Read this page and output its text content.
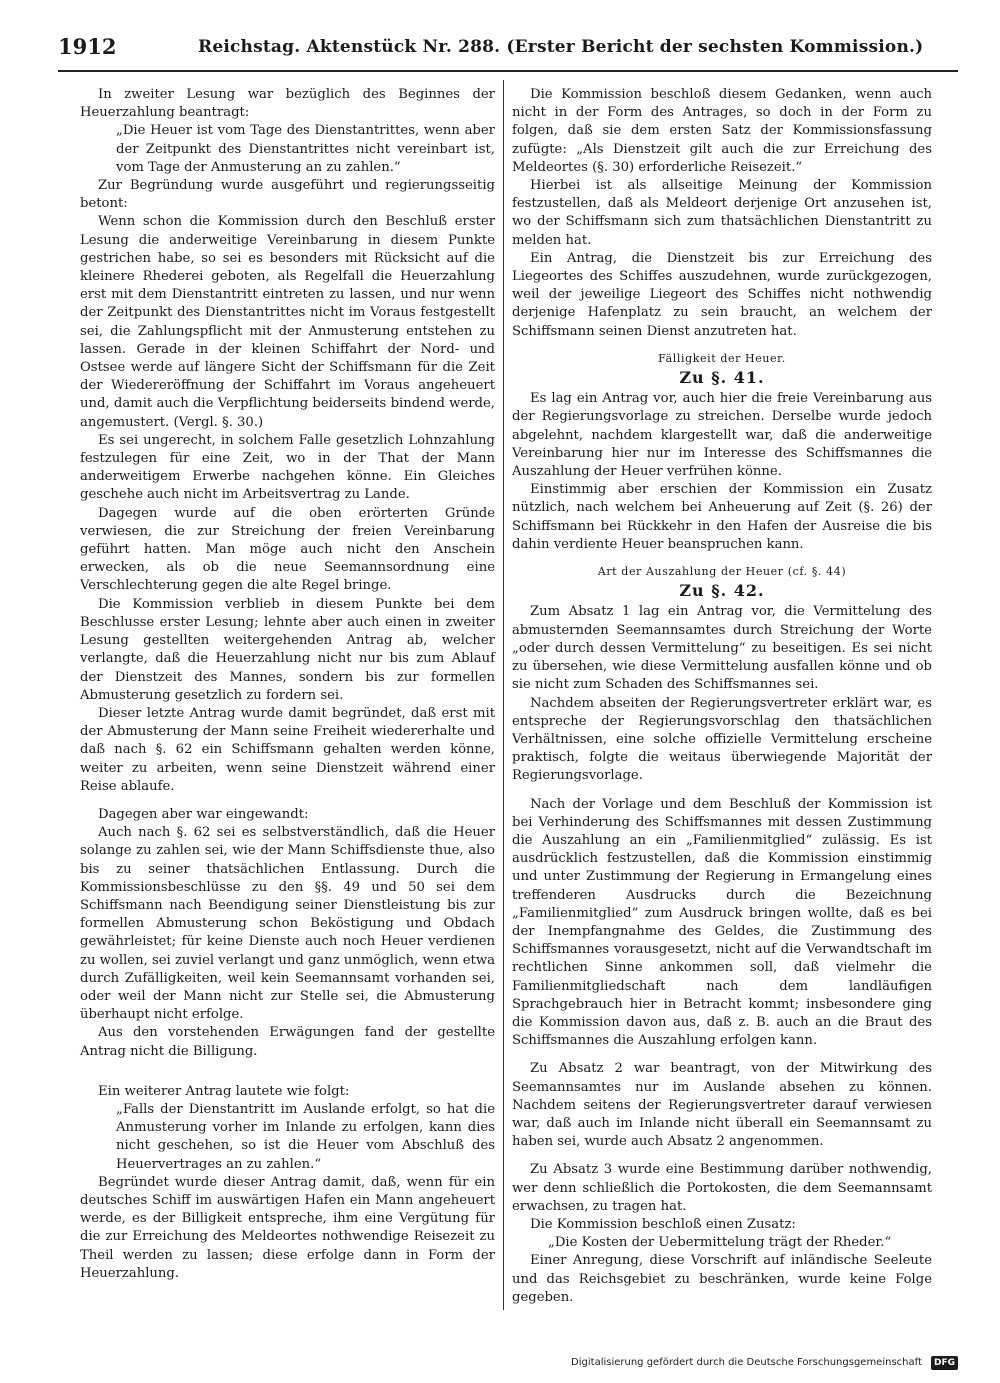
1912	Reichstag. Aktenstück Nr. 288. (Erster Bericht der sechsten Kommission.)

In zweiter Lesung war bezüglich des Beginnes der Heuerzahlung beantragt:

„Die Heuer ist vom Tage des Dienstantrittes, wenn aber der Zeitpunkt des Dienstantrittes nicht vereinbart ist, vom Tage der Anmusterung an zu zahlen.“

Zur Begründung wurde ausgeführt und regierungsseitig betont:

Wenn schon die Kommission durch den Beschluß erster Lesung die anderweitige Vereinbarung in diesem Punkte gestrichen habe, so sei es besonders mit Rücksicht auf die kleinere Rhederei geboten, als Regelfall die Heuerzahlung erst mit dem Dienstantritt eintreten zu lassen, und nur wenn der Zeitpunkt des Dienstantrittes nicht im Voraus festgestellt sei, die Zahlungspflicht mit der Anmusterung entstehen zu lassen. Gerade in der kleinen Schiffahrt der Nord- und Ostsee werde auf längere Sicht der Schiffsmann für die Zeit der Wiedereröffnung der Schiffahrt im Voraus angeheuert und, damit auch die Verpflichtung beiderseits bindend werde, angemustert. (Vergl. §. 30.)

Es sei ungerecht, in solchem Falle gesetzlich Lohnzahlung festzulegen für eine Zeit, wo in der That der Mann anderweitigem Erwerbe nachgehen könne. Ein Gleiches geschehe auch nicht im Arbeitsvertrag zu Lande.

Dagegen wurde auf die oben erörterten Gründe verwiesen, die zur Streichung der freien Vereinbarung geführt hatten. Man möge auch nicht den Anschein erwecken, als ob die neue Seemannsordnung eine Verschlechterung gegen die alte Regel bringe.

Die Kommission verblieb in diesem Punkte bei dem Beschlusse erster Lesung; lehnte aber auch einen in zweiter Lesung gestellten weitergehenden Antrag ab, welcher verlangte, daß die Heuerzahlung nicht nur bis zum Ablauf der Dienstzeit des Mannes, sondern bis zur formellen Abmusterung gesetzlich zu fordern sei.

Dieser letzte Antrag wurde damit begründet, daß erst mit der Abmusterung der Mann seine Freiheit wiedererhalte und daß nach §. 62 ein Schiffsmann gehalten werden könne, weiter zu arbeiten, wenn seine Dienstzeit während einer Reise ablaufe.

Dagegen aber war eingewandt:

Auch nach §. 62 sei es selbstverständlich, daß die Heuer solange zu zahlen sei, wie der Mann Schiffsdienste thue, also bis zu seiner thatsächlichen Entlassung. Durch die Kommissionsbeschlüsse zu den §§. 49 und 50 sei dem Schiffsmann nach Beendigung seiner Dienstleistung bis zur formellen Abmusterung schon Beköstigung und Obdach gewährleistet; für keine Dienste auch noch Heuer verdienen zu wollen, sei zuviel verlangt und ganz unmöglich, wenn etwa durch Zufälligkeiten, weil kein Seemannsamt vorhanden sei, oder weil der Mann nicht zur Stelle sei, die Abmusterung überhaupt nicht erfolge.

Aus den vorstehenden Erwägungen fand der gestellte Antrag nicht die Billigung.

Ein weiterer Antrag lautete wie folgt:

„Falls der Dienstantritt im Auslande erfolgt, so hat die Anmusterung vorher im Inlande zu erfolgen, kann dies nicht geschehen, so ist die Heuer vom Abschluß des Heuervertrages an zu zahlen.“

Begründet wurde dieser Antrag damit, daß, wenn für ein deutsches Schiff im auswärtigen Hafen ein Mann angeheuert werde, es der Billigkeit entspreche, ihm eine Vergütung für die zur Erreichung des Meldeortes nothwendige Reisezeit zu Theil werden zu lassen; diese erfolge dann in Form der Heuerzahlung.

Die Kommission beschloß diesem Gedanken, wenn auch nicht in der Form des Antrages, so doch in der Form zu folgen, daß sie dem ersten Satz der Kommissionsfassung zufügte: „Als Dienstzeit gilt auch die zur Erreichung des Meldeortes (§. 30) erforderliche Reisezeit.“

Hierbei ist als allseitige Meinung der Kommission festzustellen, daß als Meldeort derjenige Ort anzusehen ist, wo der Schiffsmann sich zum thatsächlichen Dienstantritt zu melden hat.

Ein Antrag, die Dienstzeit bis zur Erreichung des Liegeortes des Schiffes auszudehnen, wurde zurückgezogen, weil der jeweilige Liegeort des Schiffes nicht nothwendig derjenige Hafenplatz zu sein braucht, an welchem der Schiffsmann seinen Dienst anzutreten hat.

Fälligkeit der Heuer.
Zu §. 41.

Es lag ein Antrag vor, auch hier die freie Vereinbarung aus der Regierungsvorlage zu streichen. Derselbe wurde jedoch abgelehnt, nachdem klargestellt war, daß die anderweitige Vereinbarung hier nur im Interesse des Schiffsmannes die Auszahlung der Heuer verfrühen könne.

Einstimmig aber erschien der Kommission ein Zusatz nützlich, nach welchem bei Anheuerung auf Zeit (§. 26) der Schiffsmann bei Rückkehr in den Hafen der Ausreise die bis dahin verdiente Heuer beanspruchen kann.

Art der Auszahlung der Heuer (cf. §. 44)
Zu §. 42.

Zum Absatz 1 lag ein Antrag vor, die Vermittelung des abmusternden Seemannsamtes durch Streichung der Worte „oder durch dessen Vermittelung“ zu beseitigen. Es sei nicht zu übersehen, wie diese Vermittelung ausfallen könne und ob sie nicht zum Schaden des Schiffsmannes sei.

Nachdem abseiten der Regierungsvertreter erklärt war, es entspreche der Regierungsvorschlag den thatsächlichen Verhältnissen, eine solche offizielle Vermittelung erscheine praktisch, folgte die weitaus überwiegende Majorität der Regierungsvorlage.

Nach der Vorlage und dem Beschluß der Kommission ist bei Verhinderung des Schiffsmannes mit dessen Zustimmung die Auszahlung an ein „Familienmitglied“ zulässig. Es ist ausdrücklich festzustellen, daß die Kommission einstimmig und unter Zustimmung der Regierung in Ermangelung eines treffenderen Ausdrucks durch die Bezeichnung „Familienmitglied“ zum Ausdruck bringen wollte, daß es bei der Inempfangnahme des Geldes, die Zustimmung des Schiffsmannes vorausgesetzt, nicht auf die Verwandtschaft im rechtlichen Sinne ankommen soll, daß vielmehr die Familienmitgliedschaft nach dem landläufigen Sprachgebrauch hier in Betracht kommt; insbesondere ging die Kommission davon aus, daß z. B. auch an die Braut des Schiffsmannes die Auszahlung erfolgen kann.

Zu Absatz 2 war beantragt, von der Mitwirkung des Seemannsamtes nur im Auslande absehen zu können. Nachdem seitens der Regierungsvertreter darauf verwiesen war, daß auch im Inlande nicht überall ein Seemannsamt zu haben sei, wurde auch Absatz 2 angenommen.

Zu Absatz 3 wurde eine Bestimmung darüber nothwendig, wer denn schließlich die Portokosten, die dem Seemannsamt erwachsen, zu tragen hat.

Die Kommission beschloß einen Zusatz:

„Die Kosten der Uebermittelung trägt der Rheder.“

Einer Anregung, diese Vorschrift auf inländische Seeleute und das Reichsgebiet zu beschränken, wurde keine Folge gegeben.

Digitalisierung gefördert durch die Deutsche Forschungsgemeinschaft DFG
